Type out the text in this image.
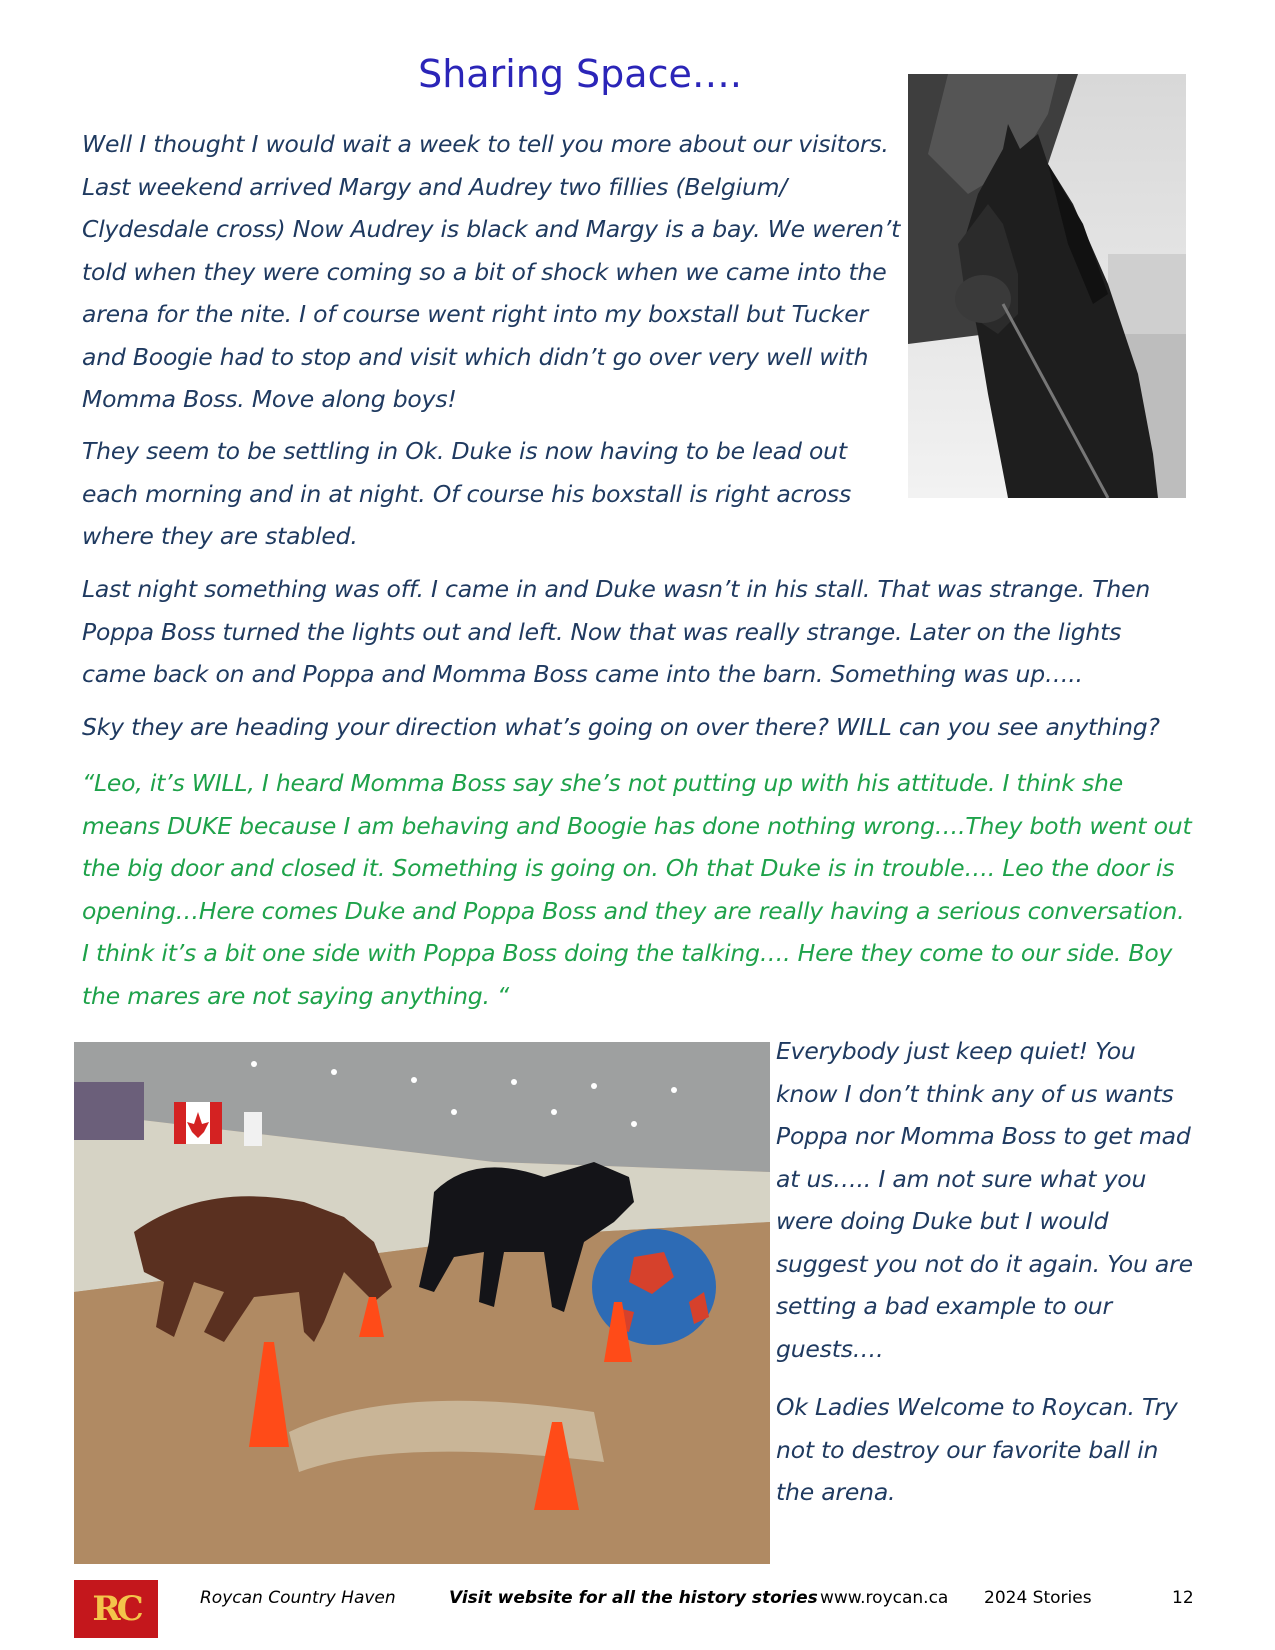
Sharing Space….

Well I thought I would wait a week to tell you more about our visitors. Last weekend arrived Margy and Audrey two fillies (Belgium/ Clydesdale cross) Now Audrey is black and Margy is a bay. We weren’t told when they were coming so a bit of shock when we came into the arena for the nite. I of course went right into my boxstall but Tucker and Boogie had to stop and visit which didn’t go over very well with Momma Boss. Move along boys!

They seem to be settling in Ok. Duke is now having to be lead out each morning and in at night. Of course his boxstall is right across where they are stabled.

Last night something was off. I came in and Duke wasn’t in his stall. That was strange. Then Poppa Boss turned the lights out and left. Now that was really strange. Later on the lights came back on and Poppa and Momma Boss came into the barn. Something was up…..

Sky they are heading your direction what’s going on over there? WILL can you see anything?

“Leo, it’s WILL, I heard Momma Boss say she’s not putting up with his attitude. I think she means DUKE because I am behaving and Boogie has done nothing wrong….They both went out the big door and closed it. Something is going on. Oh that Duke is in trouble…. Leo the door is opening…Here comes Duke and Poppa Boss and they are really having a serious conversation. I think it’s a bit one side with Poppa Boss doing the talking…. Here they come to our side. Boy the mares are not saying anything. “

Everybody just keep quiet! You know I don’t think any of us wants Poppa nor Momma Boss to get mad at us….. I am not sure what you were doing Duke but I would suggest you not do it again. You are setting a bad example to our guests….

Ok Ladies Welcome to Roycan. Try not to destroy our favorite ball in the arena.

RC	Roycan Country Haven	Visit website for all the history stories www.roycan.ca 2024 Stories	12
